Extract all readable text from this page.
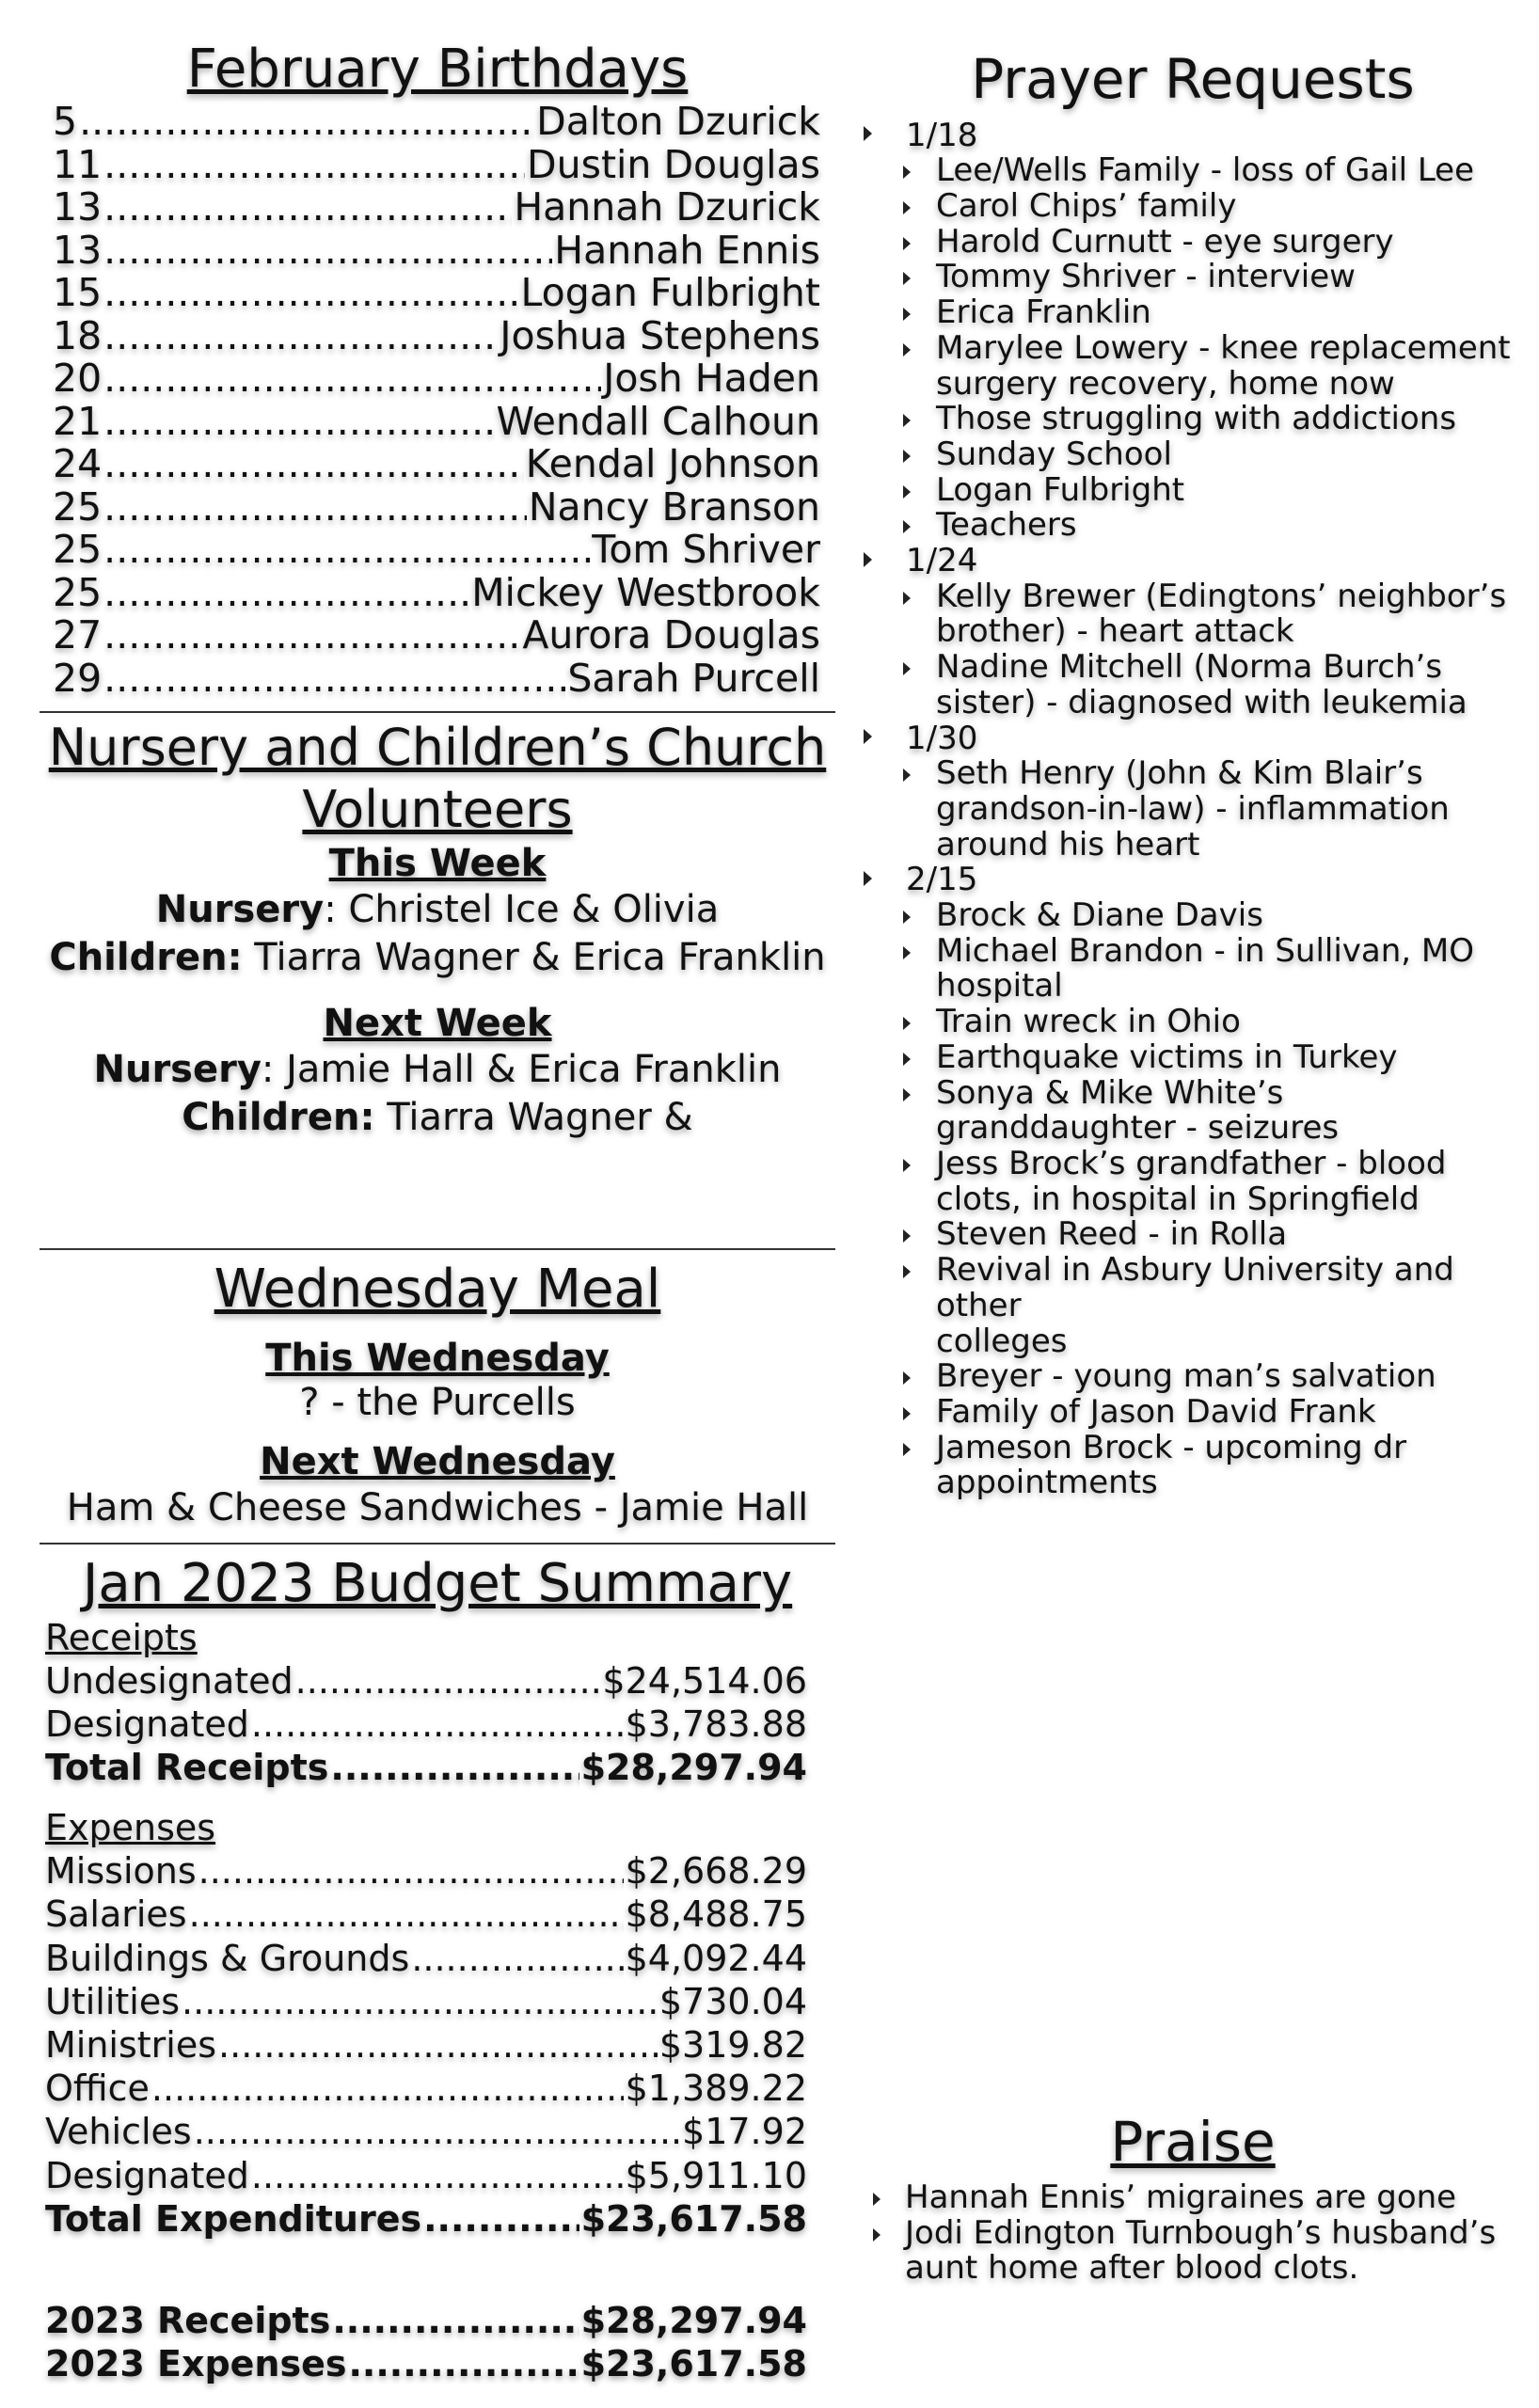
February Birthdays
5 .....	Dalton Dzurick
11 .....	Dustin Douglas
13 .....	Hannah Dzurick
13 .....	Hannah Ennis
15 .....	Logan Fulbright
18 .....	Joshua Stephens
20 .....	Josh Haden
21 .....	Wendall Calhoun
24 .....	Kendal Johnson
25 .....	Nancy Branson
25 .....	Tom Shriver
25 .....	Mickey Westbrook
27 .....	Aurora Douglas
29 .....	Sarah Purcell
Nursery and Children’s Church
Volunteers

This Week

Nursery: Christel Ice & Olivia

Children: Tiarra Wagner & Erica Franklin

Next Week

Nursery: Jamie Hall & Erica Franklin

Children: Tiarra Wagner &

Wednesday Meal

This Wednesday

? - the Purcells

Next Wednesday

Ham & Cheese Sandwiches - Jamie Hall

Jan 2023 Budget Summary

Receipts

Undesignated .....	$24,514.06
Designated .....	$3,783.88
Total Receipts .....	$28,297.94

Expenses

Missions .....	$2,668.29
Salaries .....	$8,488.75
Buildings & Grounds .....	$4,092.44
Utilities .....	$730.04
Ministries .....	$319.82
Office .....	$1,389.22
Vehicles .....	$17.92
Designated .....	$5,911.10
Total Expenditures .....	$23,617.58
2023 Receipts .....	$28,297.94
2023 Expenses .....	$23,617.58
Prayer Requests
1/18
Lee/Wells Family - loss of Gail Lee
Carol Chips’ family
Harold Curnutt - eye surgery
Tommy Shriver - interview
Erica Franklin
Marylee Lowery - knee replacement
surgery recovery, home now
Those struggling with addictions
Sunday School
Logan Fulbright
Teachers
1/24
Kelly Brewer (Edingtons’ neighbor’s
brother) - heart attack
Nadine Mitchell (Norma Burch’s
sister) - diagnosed with leukemia
1/30
Seth Henry (John & Kim Blair’s
grandson-in-law) - inflammation
around his heart
2/15
Brock & Diane Davis
Michael Brandon - in Sullivan, MO
hospital
Train wreck in Ohio
Earthquake victims in Turkey
Sonya & Mike White’s
granddaughter - seizures
Jess Brock’s grandfather - blood
clots, in hospital in Springfield
Steven Reed - in Rolla
Revival in Asbury University and other
colleges
Breyer - young man’s salvation
Family of Jason David Frank
Jameson Brock - upcoming dr
appointments
Praise
Hannah Ennis’ migraines are gone
Jodi Edington Turnbough’s husband’s
aunt home after blood clots.
